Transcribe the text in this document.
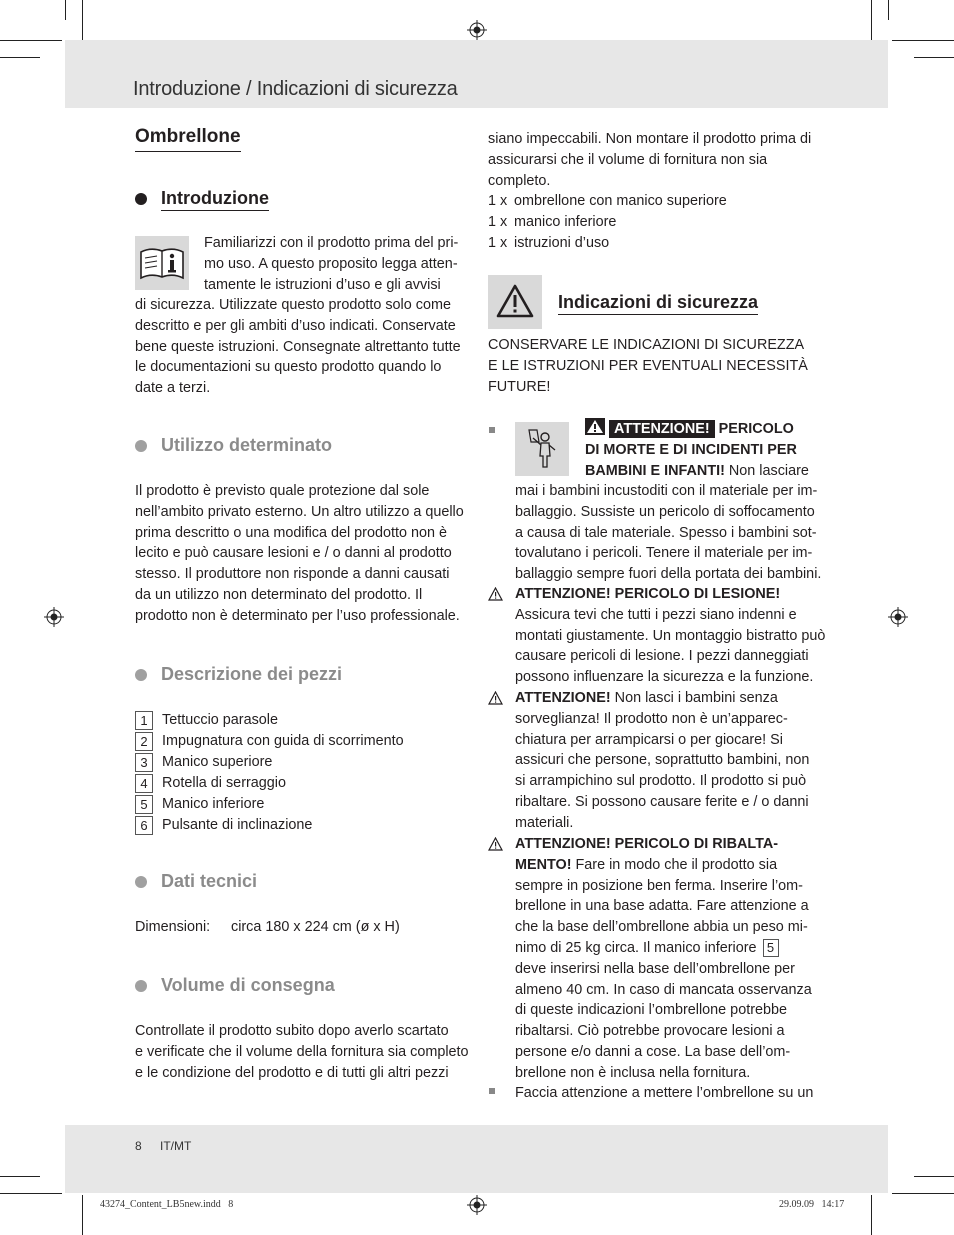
Introduzione / Indicazioni di sicurezza
Ombrellone
Introduzione

Familiarizzi con il prodotto prima del pri-

mo uso. A questo proposito legga atten-

tamente le istruzioni d’uso e gli avvisi

di sicurezza. Utilizzate questo prodotto solo come

descritto e per gli ambiti d’uso indicati. Conservate

bene queste istruzioni. Consegnate altrettanto tutte

le documentazioni su questo prodotto quando lo

date a terzi.

Utilizzo determinato

Il prodotto è previsto quale protezione dal sole

nell’ambito privato esterno. Un altro utilizzo a quello

prima descritto o una modifica del prodotto non è

lecito e può causare lesioni e / o danni al prodotto

stesso. Il produttore non risponde a danni causati

da un utilizzo non determinato del prodotto. Il

prodotto non è determinato per l’uso professionale.

Descrizione dei pezzi
1 Tettuccio parasole
2 Impugnatura con guida di scorrimento
3 Manico superiore
4 Rotella di serraggio
5 Manico inferiore
6 Pulsante di inclinazione
Dati tecnici
Dimensioni: circa 180 x 224 cm (ø x H)
Volume di consegna

Controllate il prodotto subito dopo averlo scartato

e verificate che il volume della fornitura sia completo

e le condizione del prodotto e di tutti gli altri pezzi

siano impeccabili. Non montare il prodotto prima di

assicurarsi che il volume di fornitura non sia completo.

1 x ombrellone con manico superiore
1 x manico inferiore
1 x istruzioni d’uso
Indicazioni di sicurezza

CONSERVARE LE INDICAZIONI DI SICUREZZA

E LE ISTRUZIONI PER EVENTUALI NECESSITÀ

FUTURE!

ATTENZIONE! PERICOLO

DI MORTE E DI INCIDENTI PER

BAMBINI E INFANTI! Non lasciare

mai i bambini incustoditi con il materiale per im-

ballaggio. Sussiste un pericolo di soffocamento

a causa di tale materiale. Spesso i bambini sot-

tovalutano i pericoli. Tenere il materiale per im-

ballaggio sempre fuori della portata dei bambini.

ATTENZIONE! PERICOLO DI LESIONE!

Assicura tevi che tutti i pezzi siano indenni e

montati giustamente. Un montaggio bistratto può

causare pericoli di lesione. I pezzi danneggiati

possono influenzare la sicurezza e la funzione.

ATTENZIONE! Non lasci i bambini senza

sorveglianza! Il prodotto non è un’apparec-

chiatura per arrampicarsi o per giocare! Si

assicuri che persone, soprattutto bambini, non

si arrampichino sul prodotto. Il prodotto si può

ribaltare. Si possono causare ferite e / o danni

materiali.

ATTENZIONE! PERICOLO DI RIBALTA-

MENTO! Fare in modo che il prodotto sia

sempre in posizione ben ferma. Inserire l’om-

brellone in una base adatta. Fare attenzione a

che la base dell’ombrellone abbia un peso mi-

nimo di 25 kg circa. Il manico inferiore 5

deve inserirsi nella base dell’ombrellone per

almeno 40 cm. In caso di mancata osservanza

di queste indicazioni l’ombrellone potrebbe

ribaltarsi. Ciò potrebbe provocare lesioni a

persone e/o danni a cose. La base dell’om-

brellone non è inclusa nella fornitura.

Faccia attenzione a mettere l’ombrellone su un
8 IT/MT
43274_Content_LB5new.indd   8	29.09.09   14:17
